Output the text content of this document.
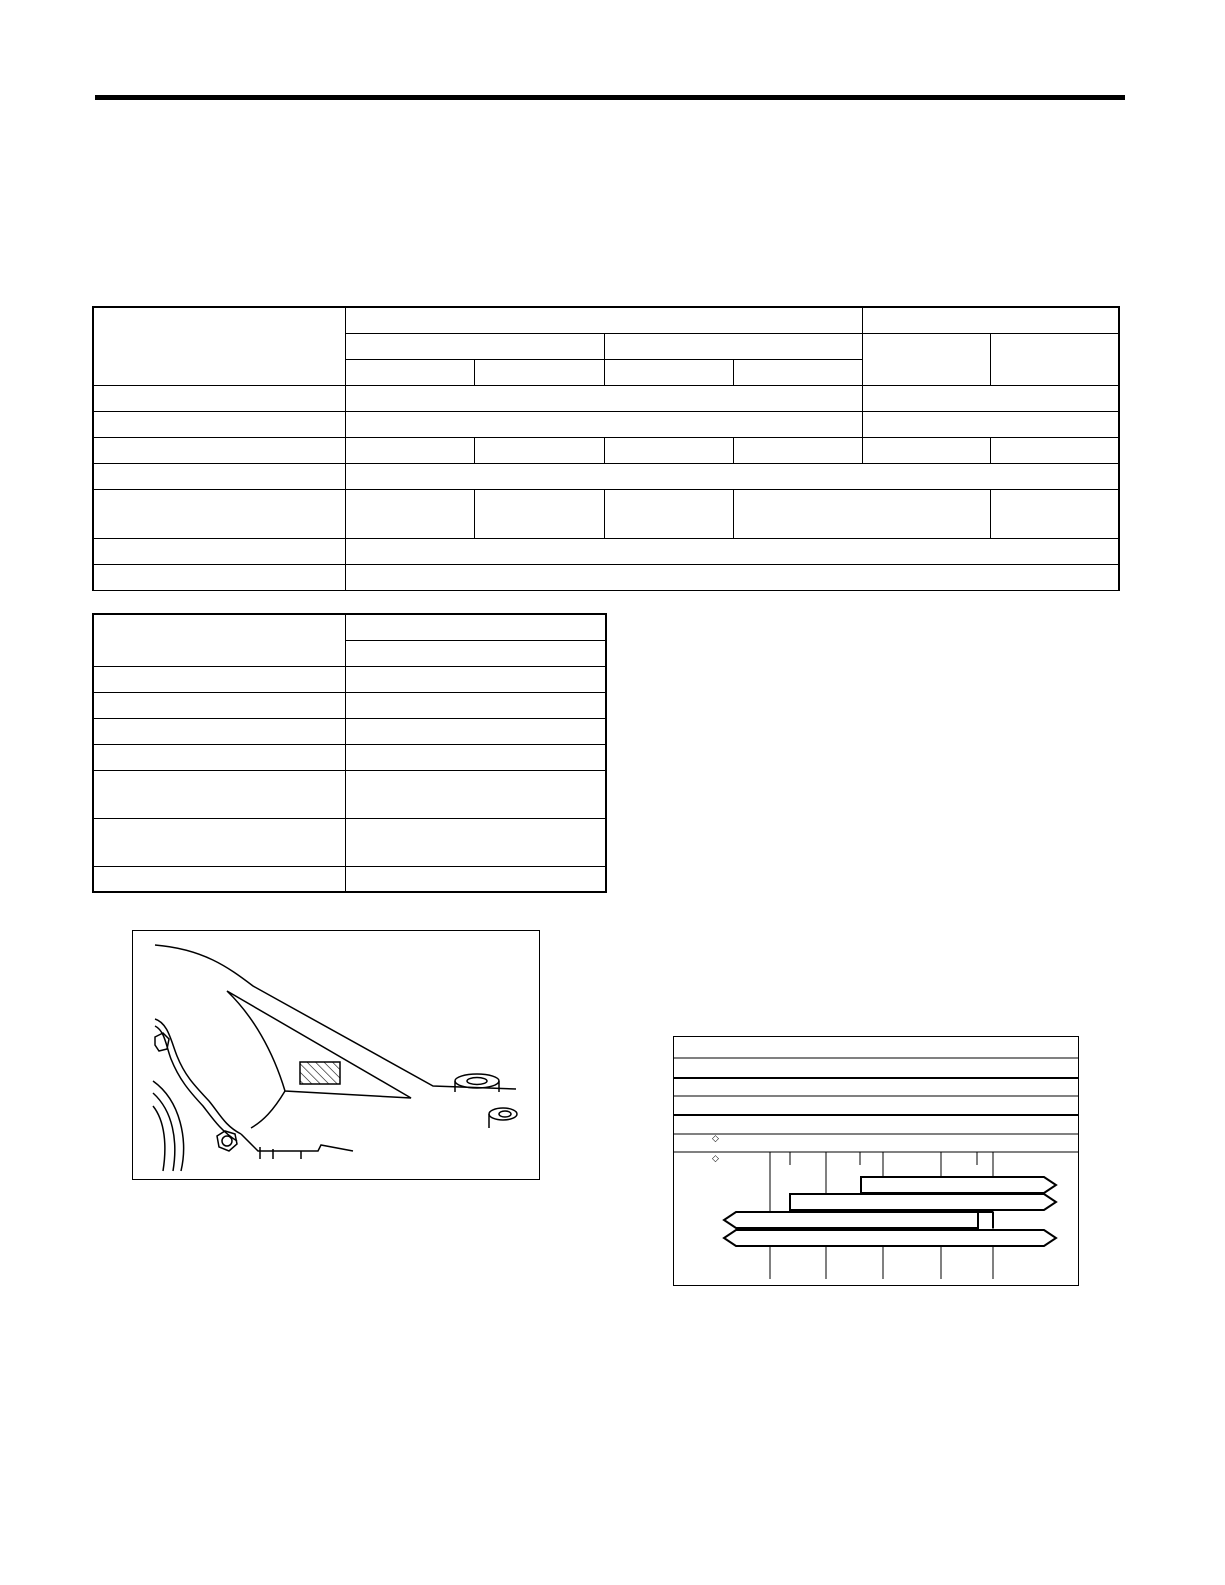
◇
◇
